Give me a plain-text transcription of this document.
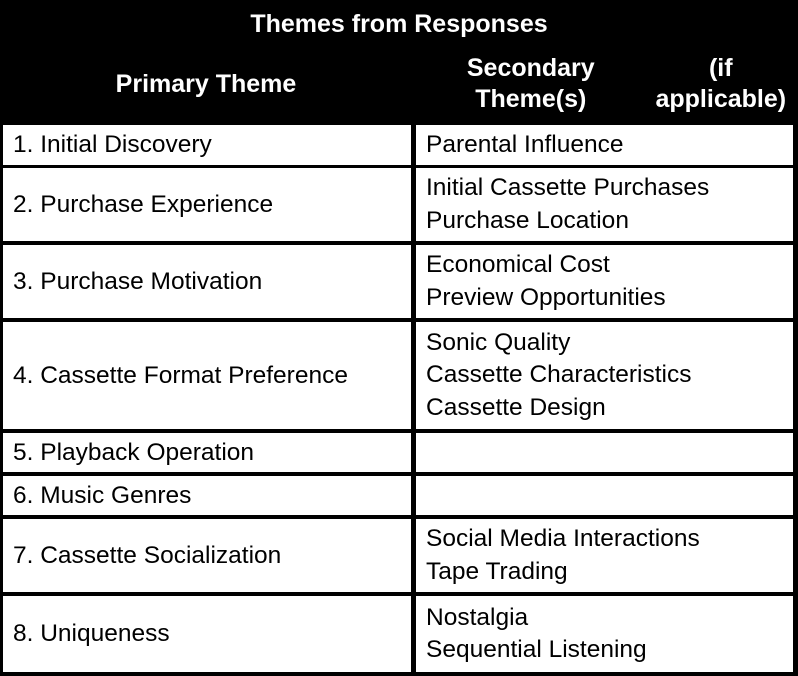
Themes from Responses
Primary Theme
Secondary Theme(s)
(if applicable)
1. Initial Discovery	Parental Influence
2. Purchase Experience
Initial Cassette Purchases
Purchase Location
3. Purchase Motivation
Economical Cost
Preview Opportunities
4. Cassette Format Preference
Sonic Quality
Cassette Characteristics
Cassette Design
5. Playback Operation
6. Music Genres
7. Cassette Socialization
Social Media Interactions
Tape Trading
8. Uniqueness
Nostalgia
Sequential Listening
